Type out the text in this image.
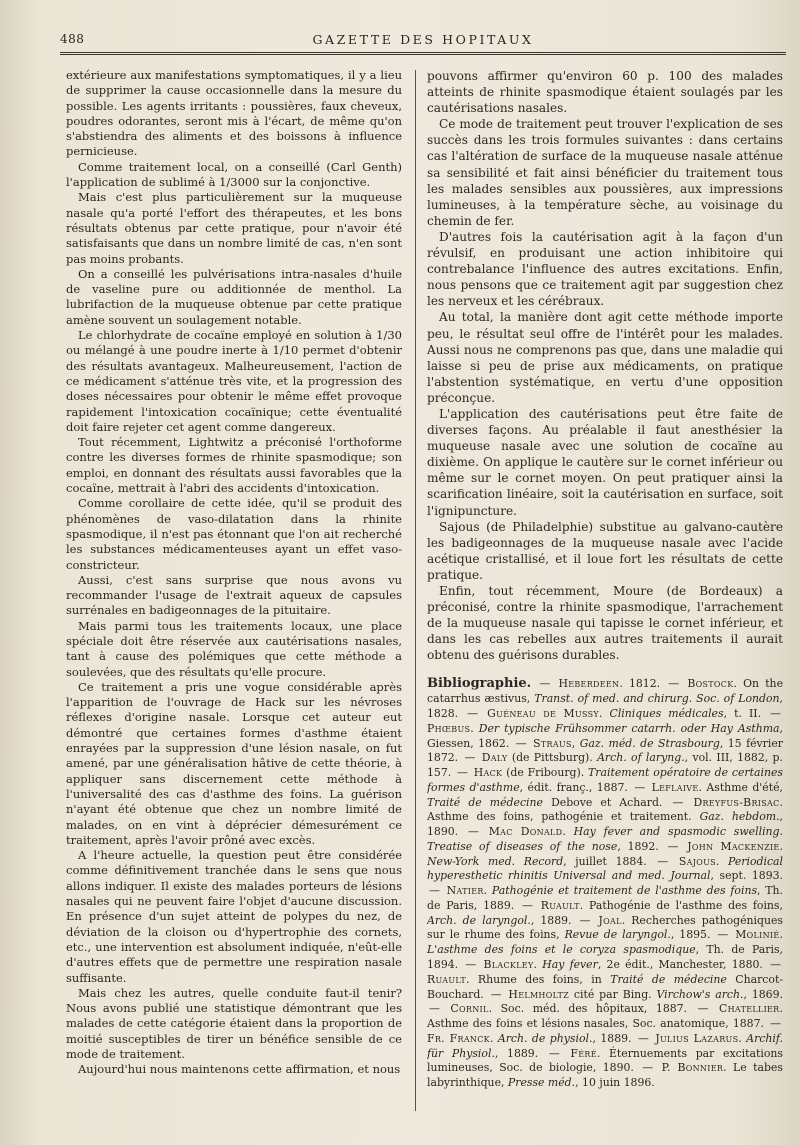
488	GAZETTE DES HOPITAUX

extérieure aux manifestations symptomatiques, il y a lieu de supprimer la cause occasionnelle dans la mesure du possible. Les agents irritants : poussières, faux cheveux, poudres odorantes, seront mis à l'écart, de même qu'on s'abstiendra des aliments et des boissons à influence pernicieuse.

Comme traitement local, on a conseillé (Carl Genth) l'application de sublimé à 1/3000 sur la conjonctive.

Mais c'est plus particulièrement sur la muqueuse nasale qu'a porté l'effort des thérapeutes, et les bons résultats obtenus par cette pratique, pour n'avoir été satisfaisants que dans un nombre limité de cas, n'en sont pas moins probants.

On a conseillé les pulvérisations intra-nasales d'huile de vaseline pure ou additionnée de menthol. La lubrifaction de la muqueuse obtenue par cette pratique amène souvent un soulagement notable.

Le chlorhydrate de cocaïne employé en solution à 1/30 ou mélangé à une poudre inerte à 1/10 permet d'obtenir des résultats avantageux. Malheureusement, l'action de ce médicament s'atténue très vite, et la progression des doses nécessaires pour obtenir le même effet provoque rapidement l'intoxication cocaïnique; cette éventualité doit faire rejeter cet agent comme dangereux.

Tout récemment, Lightwitz a préconisé l'orthoforme contre les diverses formes de rhinite spasmodique; son emploi, en donnant des résultats aussi favorables que la cocaïne, mettrait à l'abri des accidents d'intoxication.

Comme corollaire de cette idée, qu'il se produit des phénomènes de vaso-dilatation dans la rhinite spasmodique, il n'est pas étonnant que l'on ait recherché les substances médicamenteuses ayant un effet vaso-constricteur.

Aussi, c'est sans surprise que nous avons vu recommander l'usage de l'extrait aqueux de capsules surrénales en badigeonnages de la pituitaire.

Mais parmi tous les traitements locaux, une place spéciale doit être réservée aux cautérisations nasales, tant à cause des polémiques que cette méthode a soulevées, que des résultats qu'elle procure.

Ce traitement a pris une vogue considérable après l'apparition de l'ouvrage de Hack sur les névroses réflexes d'origine nasale. Lorsque cet auteur eut démontré que certaines formes d'asthme étaient enrayées par la suppression d'une lésion nasale, on fut amené, par une généralisation hâtive de cette théorie, à appliquer sans discernement cette méthode à l'universalité des cas d'asthme des foins. La guérison n'ayant été obtenue que chez un nombre limité de malades, on en vint à déprécier démesurément ce traitement, après l'avoir prôné avec excès.

A l'heure actuelle, la question peut être considérée comme définitivement tranchée dans le sens que nous allons indiquer. Il existe des malades porteurs de lésions nasales qui ne peuvent faire l'objet d'aucune discussion. En présence d'un sujet atteint de polypes du nez, de déviation de la cloison ou d'hypertrophie des cornets, etc., une intervention est absolument indiquée, n'eût-elle d'autres effets que de permettre une respiration nasale suffisante.

Mais chez les autres, quelle conduite faut-il tenir? Nous avons publié une statistique démontrant que les malades de cette catégorie étaient dans la proportion de moitié susceptibles de tirer un bénéfice sensible de ce mode de traitement.

Aujourd'hui nous maintenons cette affirmation, et nous

pouvons affirmer qu'environ 60 p. 100 des malades atteints de rhinite spasmodique étaient soulagés par les cautérisations nasales.

Ce mode de traitement peut trouver l'explication de ses succès dans les trois formules suivantes : dans certains cas l'altération de surface de la muqueuse nasale atténue sa sensibilité et fait ainsi bénéficier du traitement tous les malades sensibles aux poussières, aux impressions lumineuses, à la température sèche, au voisinage du chemin de fer.

D'autres fois la cautérisation agit à la façon d'un révulsif, en produisant une action inhibitoire qui contrebalance l'influence des autres excitations. Enfin, nous pensons que ce traitement agit par suggestion chez les nerveux et les cérébraux.

Au total, la manière dont agit cette méthode importe peu, le résultat seul offre de l'intérêt pour les malades. Aussi nous ne comprenons pas que, dans une maladie qui laisse si peu de prise aux médicaments, on pratique l'abstention systématique, en vertu d'une opposition préconçue.

L'application des cautérisations peut être faite de diverses façons. Au préalable il faut anesthésier la muqueuse nasale avec une solution de cocaïne au dixième. On applique le cautère sur le cornet inférieur ou même sur le cornet moyen. On peut pratiquer ainsi la scarification linéaire, soit la cautérisation en surface, soit l'ignipuncture.

Sajous (de Philadelphie) substitue au galvano-cautère les badigeonnages de la muqueuse nasale avec l'acide acétique cristallisé, et il loue fort les résultats de cette pratique.

Enfin, tout récemment, Moure (de Bordeaux) a préconisé, contre la rhinite spasmodique, l'arrachement de la muqueuse nasale qui tapisse le cornet inférieur, et dans les cas rebelles aux autres traitements il aurait obtenu des guérisons durables.

Bibliographie. — Heberdeen. 1812. — Bostock. On the catarrhus æstivus, Transt. of med. and chirurg. Soc. of London, 1828. — Guéneau de Mussy. Cliniques médicales, t. II. — Phœbus. Der typische Frühsommer catarrh. oder Hay Asthma, Giessen, 1862. — Straus, Gaz. méd. de Strasbourg, 15 février 1872. — Daly (de Pittsburg). Arch. of laryng., vol. III, 1882, p. 157. — Hack (de Fribourg). Traitement opératoire de certaines formes d'asthme, édit. franç., 1887. — Leflaive. Asthme d'été, Traité de médecine Debove et Achard. — Dreyfus-Brisac. Asthme des foins, pathogénie et traitement. Gaz. hebdom., 1890. — Mac Donald. Hay fever and spasmodic swelling. Treatise of diseases of the nose, 1892. — John Mackenzie. New-York med. Record, juillet 1884. — Sajous. Periodical hyperesthetic rhinitis Universal and med. Journal, sept. 1893. — Natier. Pathogénie et traitement de l'asthme des foins, Th. de Paris, 1889. — Ruault. Pathogénie de l'asthme des foins, Arch. de laryngol., 1889. — Joal. Recherches pathogéniques sur le rhume des foins, Revue de laryngol., 1895. — Molinié. L'asthme des foins et le coryza spasmodique, Th. de Paris, 1894. — Blackley. Hay fever, 2e édit., Manchester, 1880. — Ruault. Rhume des foins, in Traité de médecine Charcot-Bouchard. — Helmholtz cité par Bing. Virchow's arch., 1869. — Cornil. Soc. méd. des hôpitaux, 1887. — Chatellier. Asthme des foins et lésions nasales, Soc. anatomique, 1887. — Fr. Franck. Arch. de physiol., 1889. — Julius Lazarus. Archif. für Physiol., 1889. — Féré. Éternuements par excitations lumineuses, Soc. de biologie, 1890. — P. Bonnier. Le tabes labyrinthique, Presse méd., 10 juin 1896.
